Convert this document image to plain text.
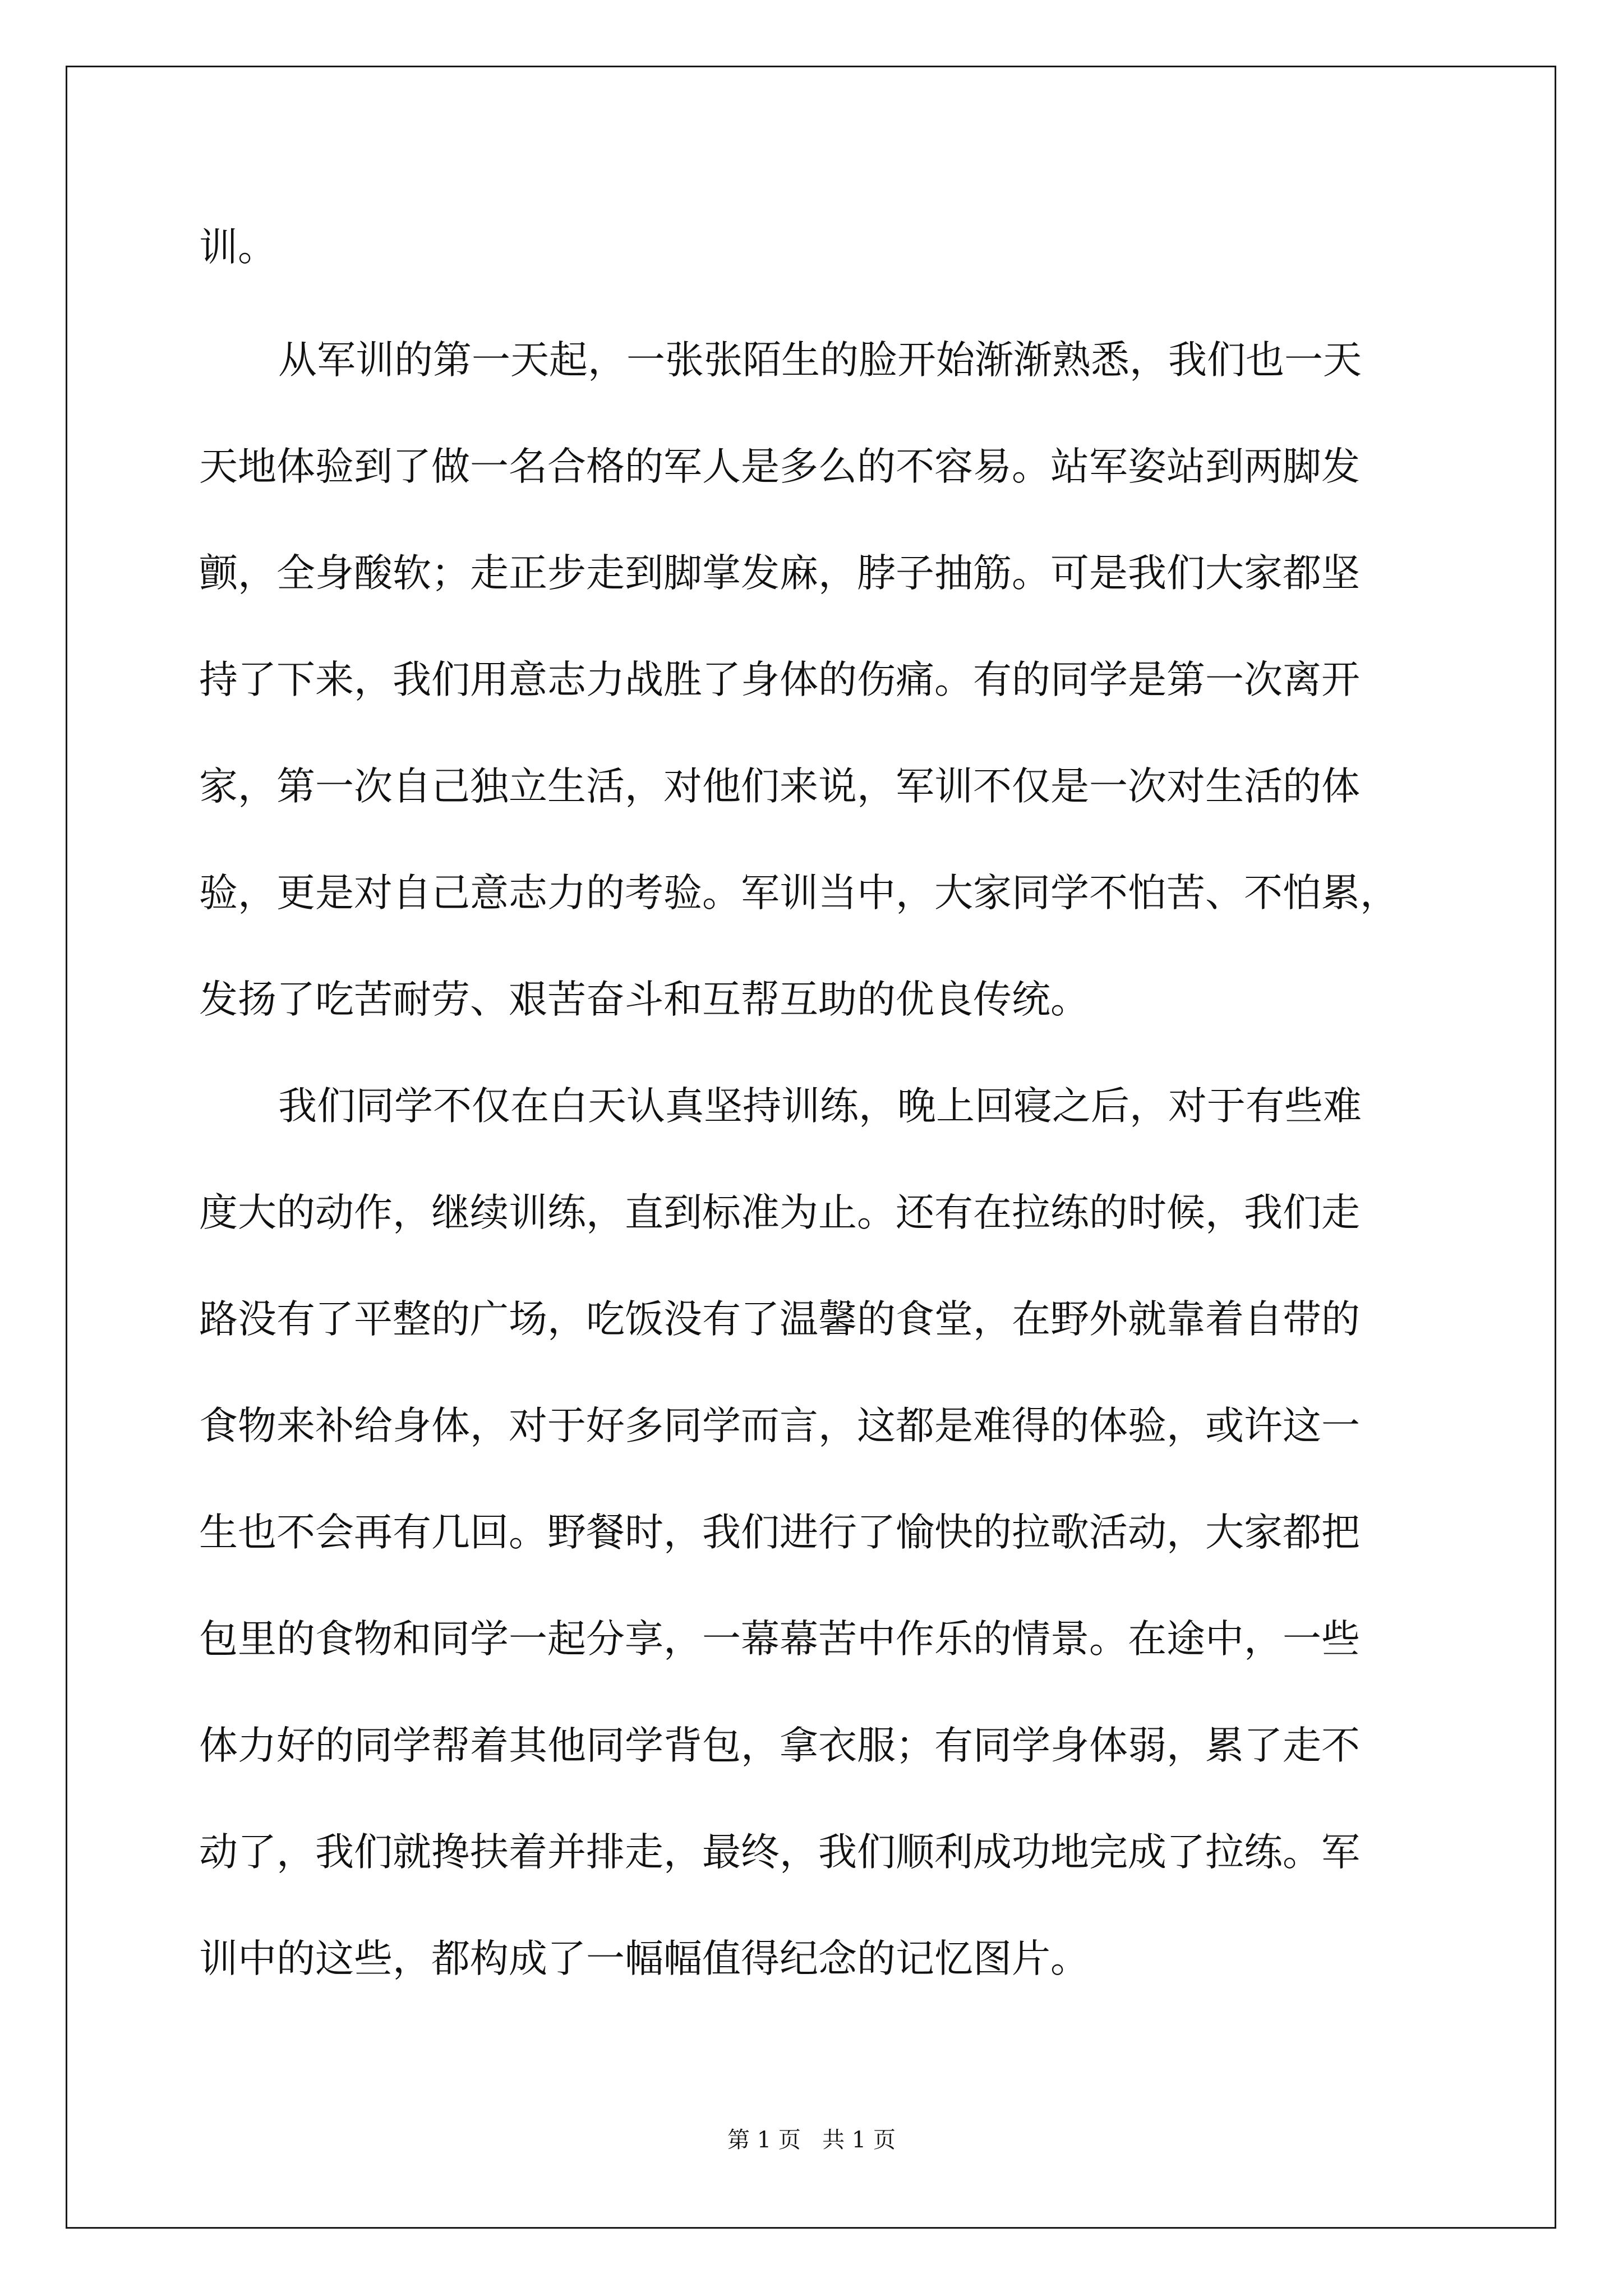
训。
从军训的第一天起，一张张陌生的脸开始渐渐熟悉，我们也一天
天地体验到了做一名合格的军人是多么的不容易。站军姿站到两脚发
颤，全身酸软；走正步走到脚掌发麻，脖子抽筋。可是我们大家都坚
持了下来，我们用意志力战胜了身体的伤痛。有的同学是第一次离开
家，第一次自己独立生活，对他们来说，军训不仅是一次对生活的体
验，更是对自己意志力的考验。军训当中，大家同学不怕苦、不怕累，
发扬了吃苦耐劳、艰苦奋斗和互帮互助的优良传统。
我们同学不仅在白天认真坚持训练，晚上回寝之后，对于有些难
度大的动作，继续训练，直到标准为止。还有在拉练的时候，我们走
路没有了平整的广场，吃饭没有了温馨的食堂，在野外就靠着自带的
食物来补给身体，对于好多同学而言，这都是难得的体验，或许这一
生也不会再有几回。野餐时，我们进行了愉快的拉歌活动，大家都把
包里的食物和同学一起分享，一幕幕苦中作乐的情景。在途中，一些
体力好的同学帮着其他同学背包，拿衣服；有同学身体弱，累了走不
动了，我们就搀扶着并排走，最终，我们顺利成功地完成了拉练。军
训中的这些，都构成了一幅幅值得纪念的记忆图片。
第 1 页   共 1 页
